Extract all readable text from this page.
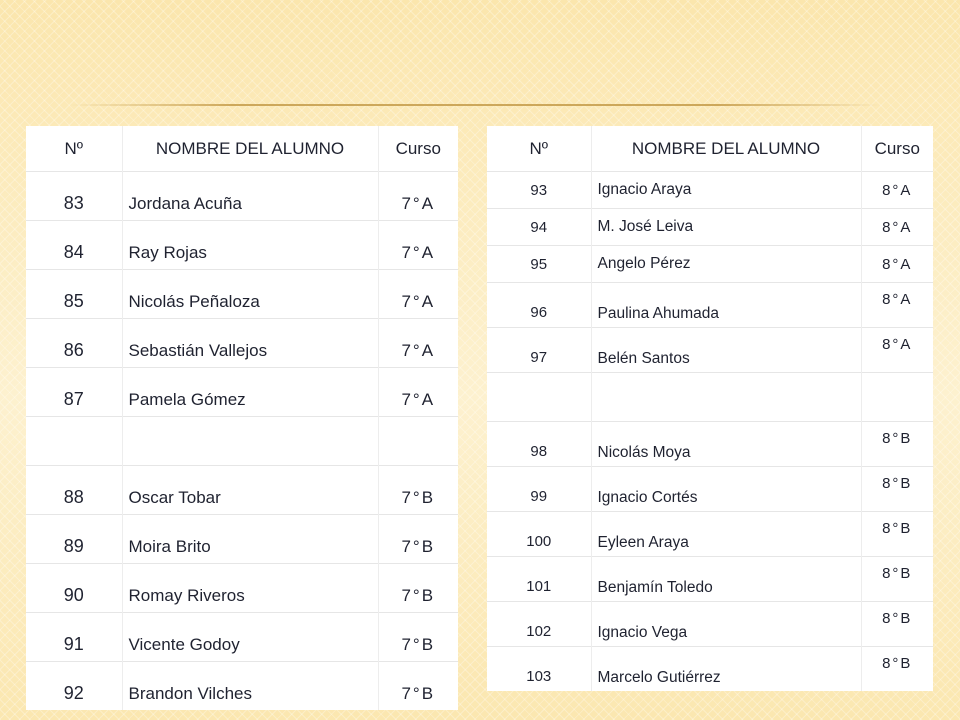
Nº	NOMBRE DEL ALUMNO	Curso
83	Jordana Acuña	7°A
84	Ray Rojas	7°A
85	Nicolás Peñaloza	7°A
86	Sebastián Vallejos	7°A
87	Pamela Gómez	7°A

88	Oscar Tobar	7°B
89	Moira Brito	7°B
90	Romay Riveros	7°B
91	Vicente Godoy	7°B
92	Brandon Vilches	7°B
Nº	NOMBRE DEL ALUMNO	Curso
93	Ignacio Araya	8°A
94	M. José Leiva	8°A
95	Angelo Pérez	8°A
96	Paulina Ahumada	8°A
97	Belén Santos	8°A

98	Nicolás Moya	8°B
99	Ignacio Cortés	8°B
100	Eyleen Araya	8°B
101	Benjamín Toledo	8°B
102	Ignacio Vega	8°B
103	Marcelo Gutiérrez	8°B
